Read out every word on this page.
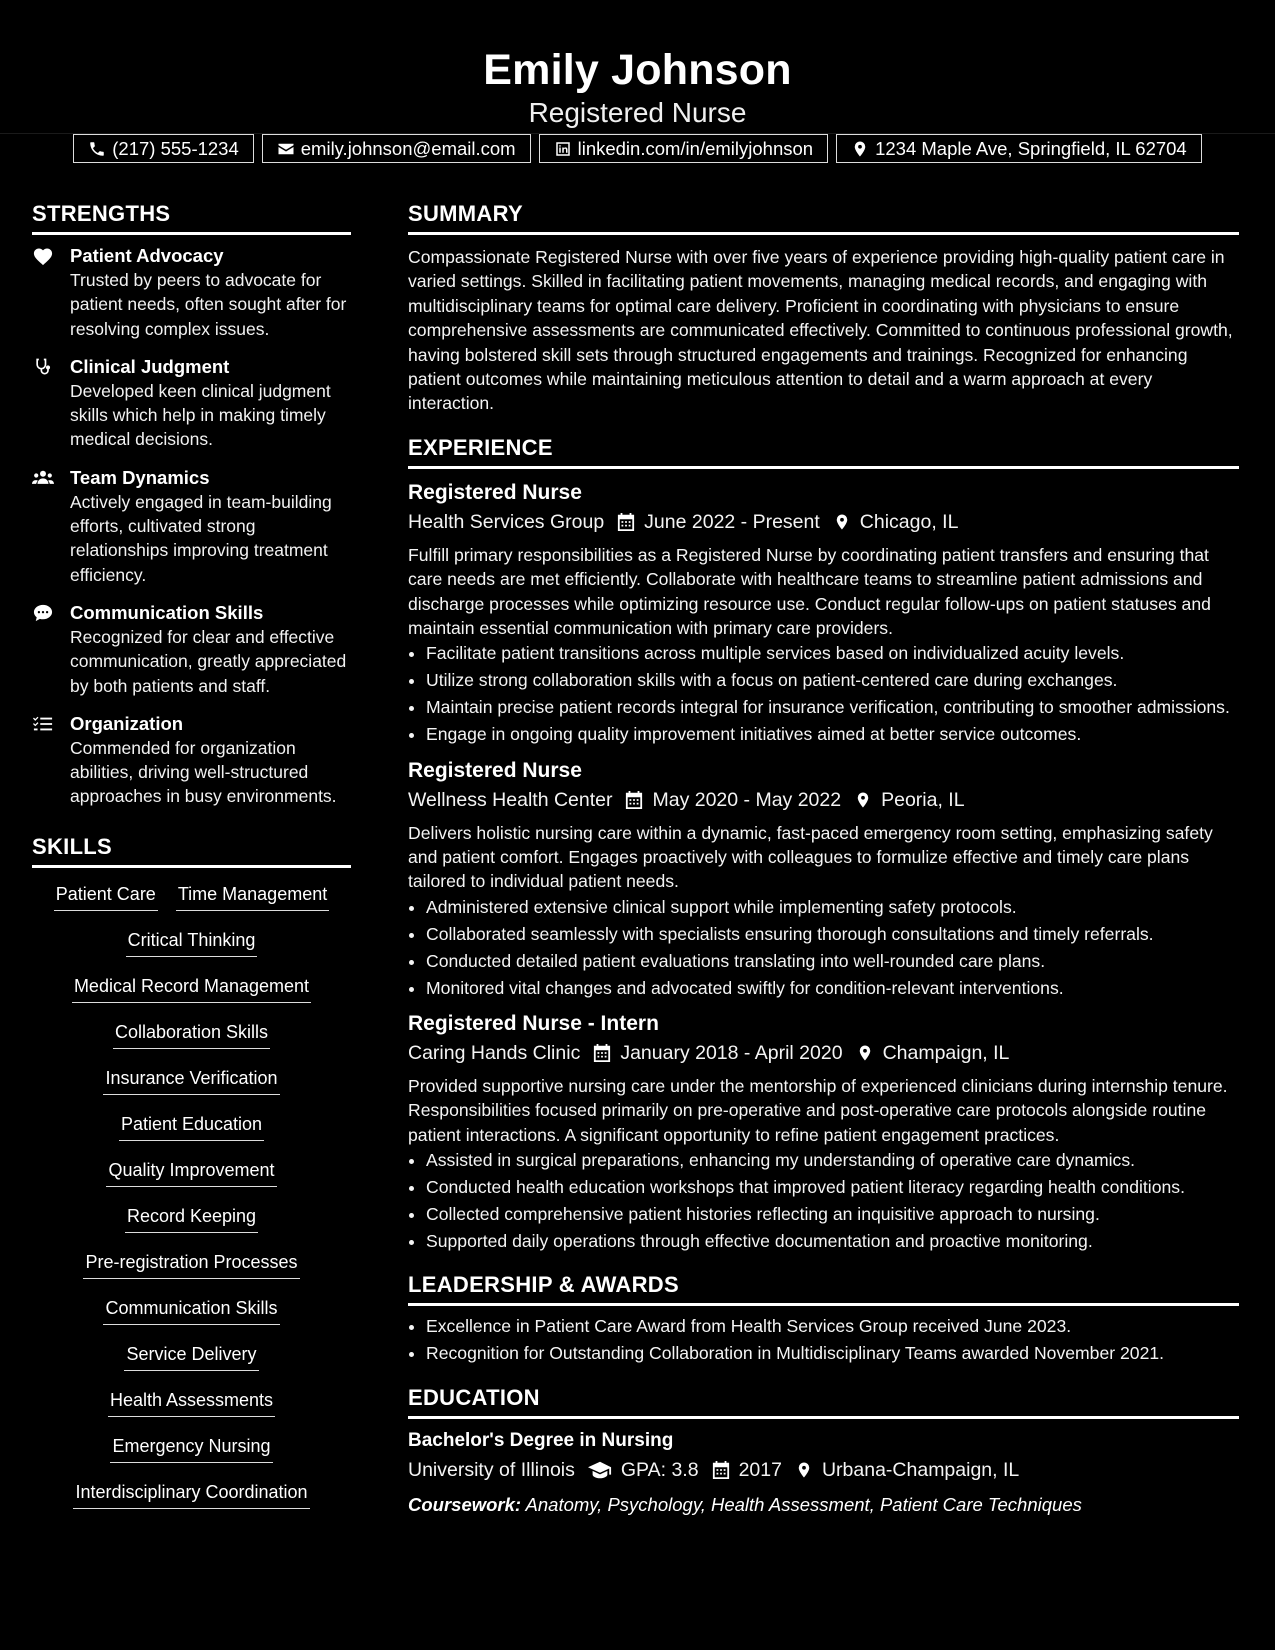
Emily Johnson
Registered Nurse
(217) 555-1234	emily.johnson@email.com	linkedin.com/in/emilyjohnson	1234 Maple Ave, Springfield, IL 62704
STRENGTHS
Patient Advocacy
Trusted by peers to advocate for patient needs, often sought after for resolving complex issues.
Clinical Judgment
Developed keen clinical judgment skills which help in making timely medical decisions.
Team Dynamics
Actively engaged in team-building efforts, cultivated strong relationships improving treatment efficiency.
Communication Skills
Recognized for clear and effective communication, greatly appreciated by both patients and staff.
Organization
Commended for organization abilities, driving well-structured approaches in busy environments.
SKILLS
Patient Care Time Management
Critical Thinking
Medical Record Management
Collaboration Skills
Insurance Verification
Patient Education
Quality Improvement
Record Keeping
Pre-registration Processes
Communication Skills
Service Delivery
Health Assessments
Emergency Nursing
Interdisciplinary Coordination
SUMMARY
Compassionate Registered Nurse with over five years of experience providing high-quality patient care in varied settings. Skilled in facilitating patient movements, managing medical records, and engaging with multidisciplinary teams for optimal care delivery. Proficient in coordinating with physicians to ensure comprehensive assessments are communicated effectively. Committed to continuous professional growth, having bolstered skill sets through structured engagements and trainings. Recognized for enhancing patient outcomes while maintaining meticulous attention to detail and a warm approach at every interaction.
EXPERIENCE
Registered Nurse
Health Services Group June 2022 - Present Chicago, IL
Fulfill primary responsibilities as a Registered Nurse by coordinating patient transfers and ensuring that care needs are met efficiently. Collaborate with healthcare teams to streamline patient admissions and discharge processes while optimizing resource use. Conduct regular follow-ups on patient statuses and maintain essential communication with primary care providers.
• Facilitate patient transitions across multiple services based on individualized acuity levels.
• Utilize strong collaboration skills with a focus on patient-centered care during exchanges.
• Maintain precise patient records integral for insurance verification, contributing to smoother admissions.
• Engage in ongoing quality improvement initiatives aimed at better service outcomes.
Registered Nurse
Wellness Health Center May 2020 - May 2022 Peoria, IL
Delivers holistic nursing care within a dynamic, fast-paced emergency room setting, emphasizing safety and patient comfort. Engages proactively with colleagues to formulize effective and timely care plans tailored to individual patient needs.
• Administered extensive clinical support while implementing safety protocols.
• Collaborated seamlessly with specialists ensuring thorough consultations and timely referrals.
• Conducted detailed patient evaluations translating into well-rounded care plans.
• Monitored vital changes and advocated swiftly for condition-relevant interventions.
Registered Nurse - Intern
Caring Hands Clinic January 2018 - April 2020 Champaign, IL
Provided supportive nursing care under the mentorship of experienced clinicians during internship tenure. Responsibilities focused primarily on pre-operative and post-operative care protocols alongside routine patient interactions. A significant opportunity to refine patient engagement practices.
• Assisted in surgical preparations, enhancing my understanding of operative care dynamics.
• Conducted health education workshops that improved patient literacy regarding health conditions.
• Collected comprehensive patient histories reflecting an inquisitive approach to nursing.
• Supported daily operations through effective documentation and proactive monitoring.
LEADERSHIP & AWARDS
• Excellence in Patient Care Award from Health Services Group received June 2023.
• Recognition for Outstanding Collaboration in Multidisciplinary Teams awarded November 2021.
EDUCATION
Bachelor's Degree in Nursing
University of Illinois GPA: 3.8 2017 Urbana-Champaign, IL
Coursework: Anatomy, Psychology, Health Assessment, Patient Care Techniques
